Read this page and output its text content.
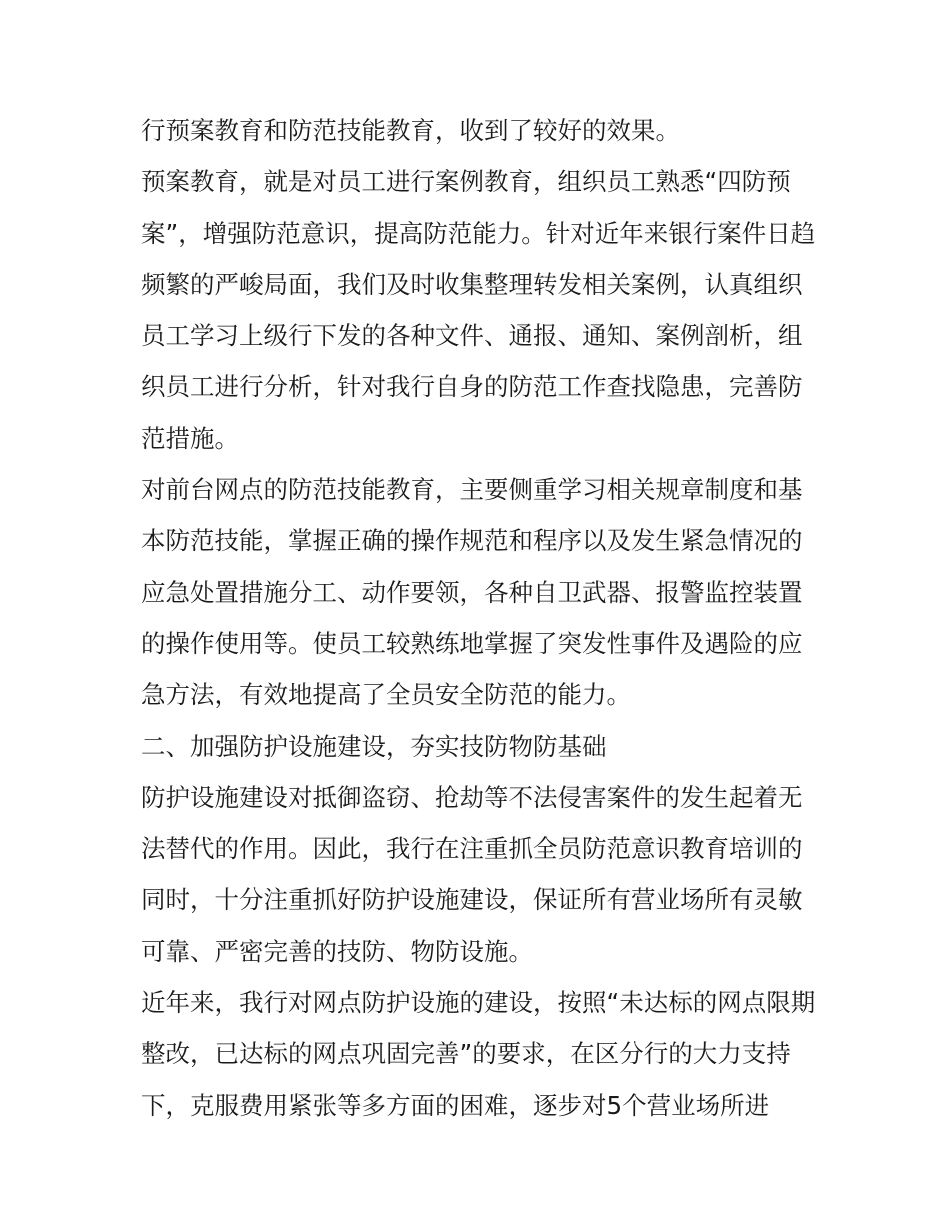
行预案教育和防范技能教育，收到了较好的效果。

预案教育，就是对员工进行案例教育，组织员工熟悉“四防预案”，增强防范意识，提高防范能力。针对近年来银行案件日趋频繁的严峻局面，我们及时收集整理转发相关案例，认真组织员工学习上级行下发的各种文件、通报、通知、案例剖析，组织员工进行分析，针对我行自身的防范工作查找隐患，完善防范措施。

对前台网点的防范技能教育，主要侧重学习相关规章制度和基本防范技能，掌握正确的操作规范和程序以及发生紧急情况的应急处置措施分工、动作要领，各种自卫武器、报警监控装置的操作使用等。使员工较熟练地掌握了突发性事件及遇险的应急方法，有效地提高了全员安全防范的能力。

二、加强防护设施建设，夯实技防物防基础

防护设施建设对抵御盗窃、抢劫等不法侵害案件的发生起着无法替代的作用。因此，我行在注重抓全员防范意识教育培训的同时，十分注重抓好防护设施建设，保证所有营业场所有灵敏可靠、严密完善的技防、物防设施。

近年来，我行对网点防护设施的建设，按照“未达标的网点限期整改，已达标的网点巩固完善”的要求，在区分行的大力支持下，克服费用紧张等多方面的困难，逐步对5个营业场所进
